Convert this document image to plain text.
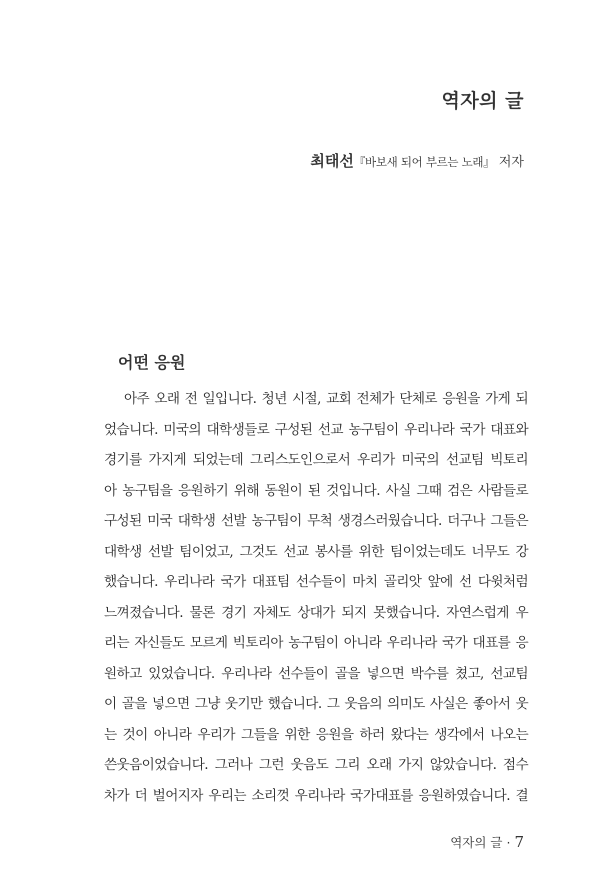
역자의 글
최태선『바보새 되어 부르는 노래』 저자
어떤 응원
아주 오래 전 일입니다. 청년 시절, 교회 전체가 단체로 응원을 가게 되
었습니다. 미국의 대학생들로 구성된 선교 농구팀이 우리나라 국가 대표와
경기를 가지게 되었는데 그리스도인으로서 우리가 미국의 선교팀 빅토리
아 농구팀을 응원하기 위해 동원이 된 것입니다. 사실 그때 검은 사람들로
구성된 미국 대학생 선발 농구팀이 무척 생경스러웠습니다. 더구나 그들은
대학생 선발 팀이었고, 그것도 선교 봉사를 위한 팀이었는데도 너무도 강
했습니다. 우리나라 국가 대표팀 선수들이 마치 골리앗 앞에 선 다윗처럼
느껴졌습니다. 물론 경기 자체도 상대가 되지 못했습니다. 자연스럽게 우
리는 자신들도 모르게 빅토리아 농구팀이 아니라 우리나라 국가 대표를 응
원하고 있었습니다. 우리나라 선수들이 골을 넣으면 박수를 쳤고, 선교팀
이 골을 넣으면 그냥 웃기만 했습니다. 그 웃음의 의미도 사실은 좋아서 웃
는 것이 아니라 우리가 그들을 위한 응원을 하러 왔다는 생각에서 나오는
쓴웃음이었습니다. 그러나 그런 웃음도 그리 오래 가지 않았습니다. 점수
차가 더 벌어지자 우리는 소리껏 우리나라 국가대표를 응원하였습니다. 결
역자의 글 · 7
